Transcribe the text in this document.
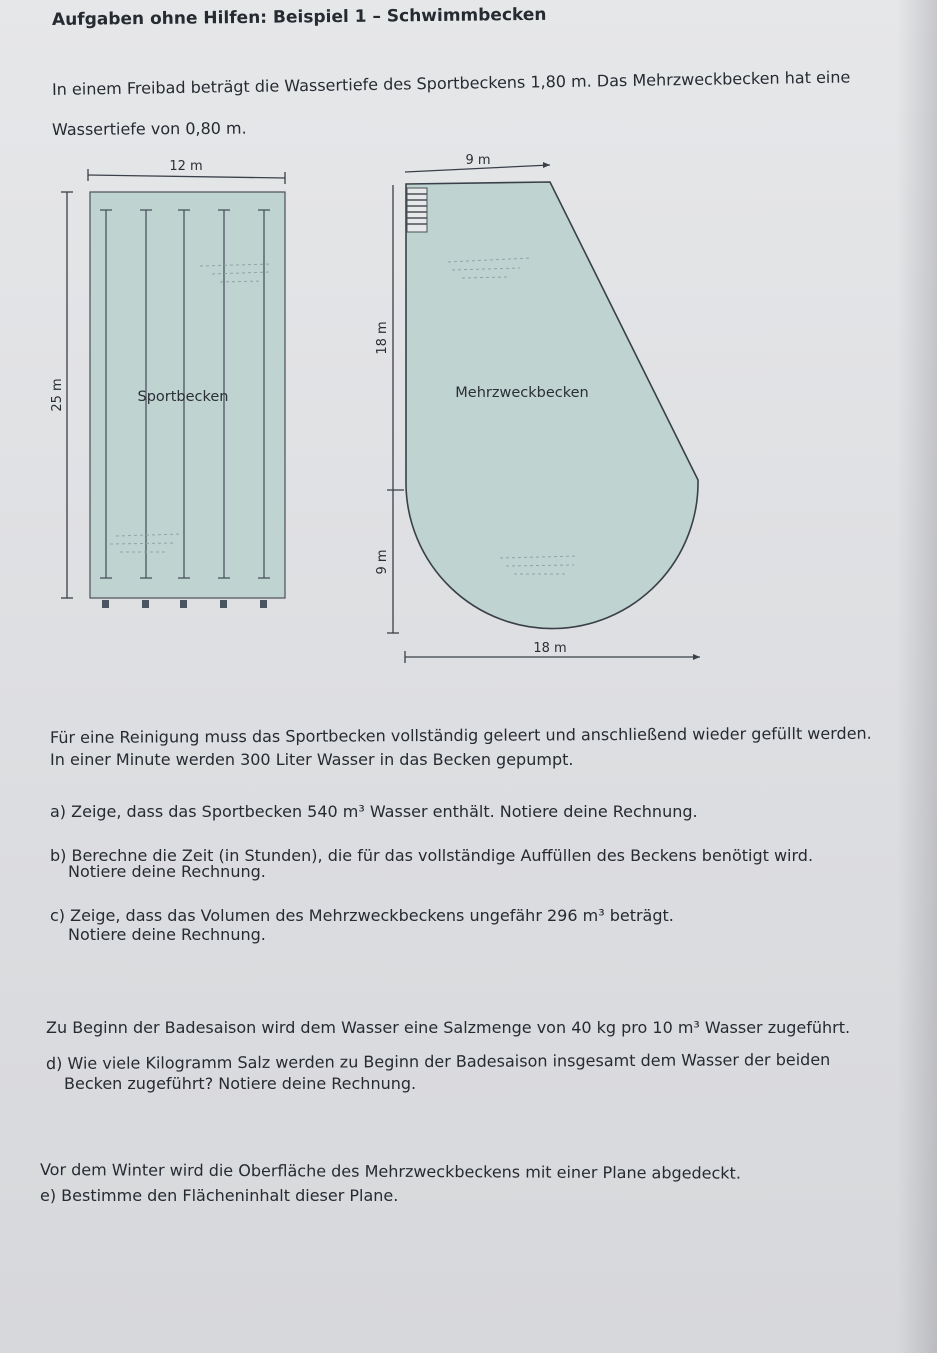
Aufgaben ohne Hilfen: Beispiel 1 – Schwimmbecken
In einem Freibad beträgt die Wassertiefe des Sportbeckens 1,80 m. Das Mehrzweckbecken hat eine
Wassertiefe von 0,80 m.
12 m
25 m	Sportbecken
9 m
18 m
9 m
Mehrzweckbecken
18 m
Für eine Reinigung muss das Sportbecken vollständig geleert und anschließend wieder gefüllt werden.
In einer Minute werden 300 Liter Wasser in das Becken gepumpt.
a) Zeige, dass das Sportbecken 540 m³ Wasser enthält. Notiere deine Rechnung.
b) Berechne die Zeit (in Stunden), die für das vollständige Auffüllen des Beckens benötigt wird.
Notiere deine Rechnung.
c) Zeige, dass das Volumen des Mehrzweckbeckens ungefähr 296 m³ beträgt.
Notiere deine Rechnung.
Zu Beginn der Badesaison wird dem Wasser eine Salzmenge von 40 kg pro 10 m³ Wasser zugeführt.
d) Wie viele Kilogramm Salz werden zu Beginn der Badesaison insgesamt dem Wasser der beiden
Becken zugeführt? Notiere deine Rechnung.
Vor dem Winter wird die Oberfläche des Mehrzweckbeckens mit einer Plane abgedeckt.
e) Bestimme den Flächeninhalt dieser Plane.
